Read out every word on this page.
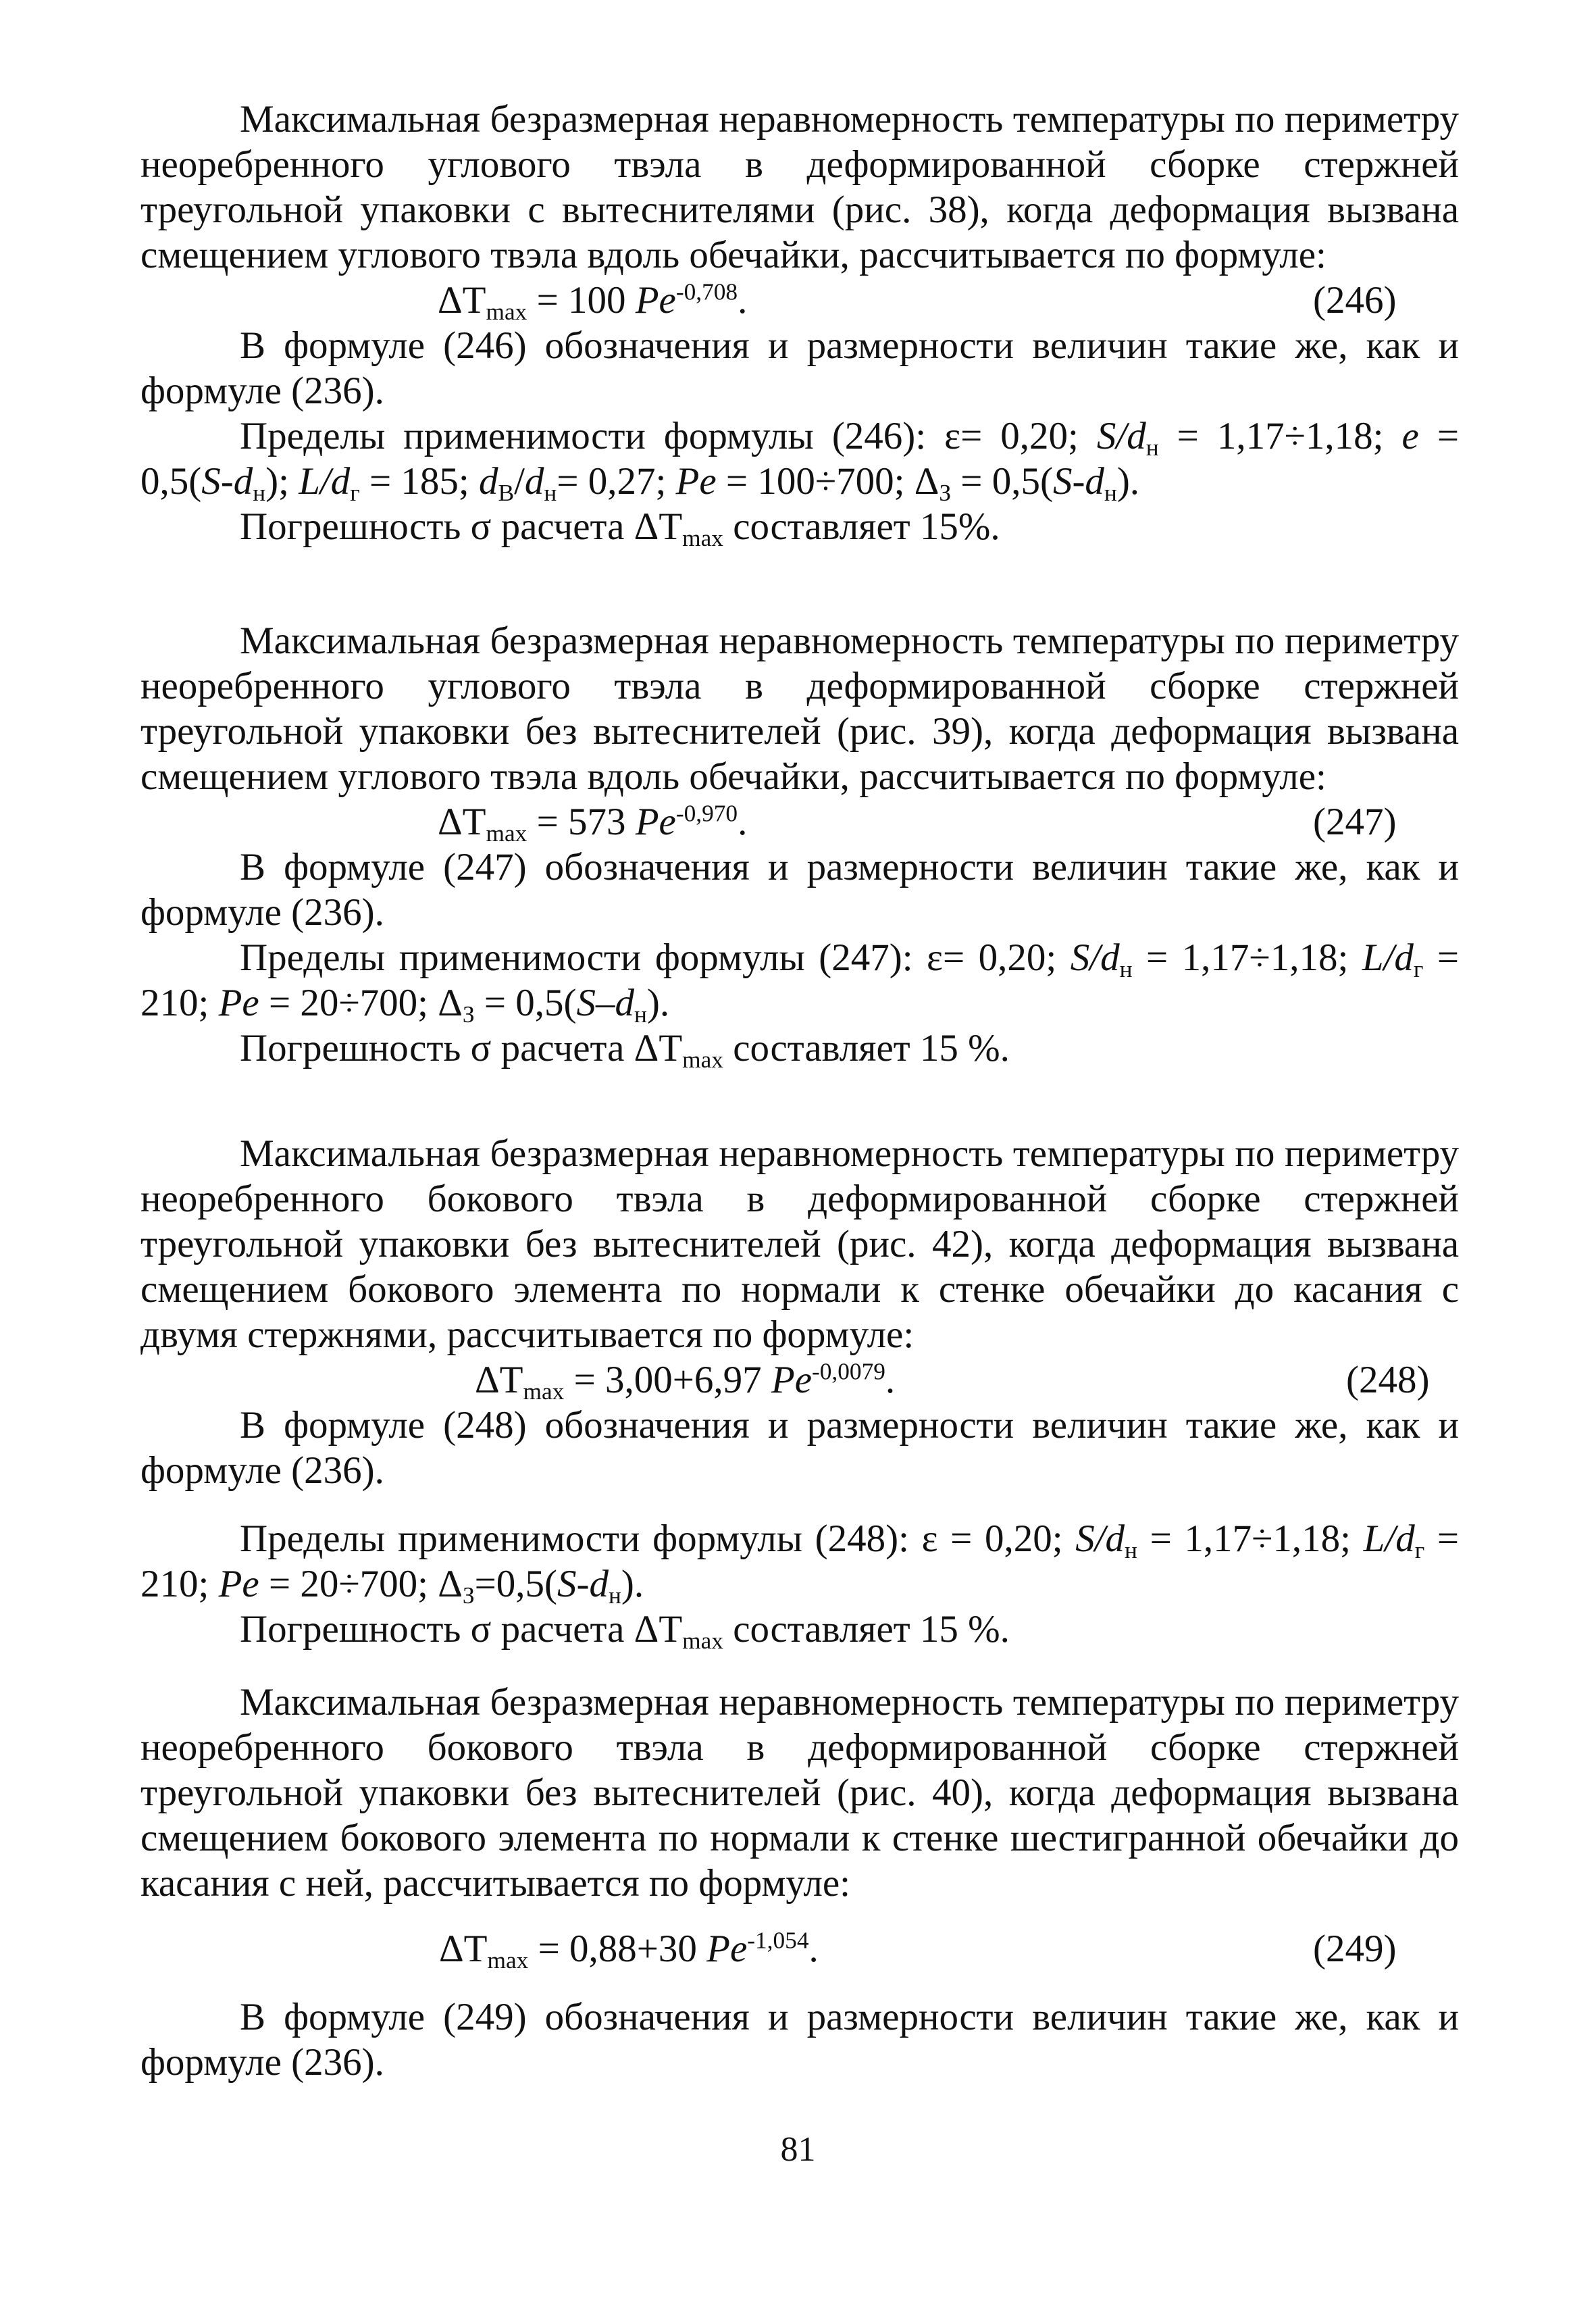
Максимальная безразмерная неравномерность температуры по периметру неоребренного углового твэла в деформированной сборке стержней треугольной упаковки с вытеснителями (рис. 38), когда деформация вызвана смещением углового твэла вдоль обечайки, рассчитывается по формуле:

$\Delta T_{max} = 100$ $Pe^{-0,708}$.	(246)

В формуле (246) обозначения и размерности величин такие же, как и формуле (236).

Пределы применимости формулы (246): ε= 0,20; $S/d_н = 1,17\div 1,18$; $e = 0,5(S-d_н)$; $L/d_г = 185$; $d_В/d_н= 0,27$; Pe = 100÷700; $\Delta_З = 0,5(S-d_н)$.

Погрешность σ расчета $\Delta T_{max}$ составляет 15%.

Максимальная безразмерная неравномерность температуры по периметру неоребренного углового твэла в деформированной сборке стержней треугольной упаковки без вытеснителей (рис. 39), когда деформация вызвана смещением углового твэла вдоль обечайки, рассчитывается по формуле:

$\Delta T_{max} = 573$ $Pe^{-0,970}$.	(247)

В формуле (247) обозначения и размерности величин такие же, как и формуле (236).

Пределы применимости формулы (247): ε= 0,20; $S/d_н = 1,17\div 1,18$; $L/d_г = 210$; Pe = 20÷700; $\Delta_З = 0,5(S-d_н)$.

Погрешность σ расчета $\Delta T_{max}$ составляет 15 %.

Максимальная безразмерная неравномерность температуры по периметру неоребренного бокового твэла в деформированной сборке стержней треугольной упаковки без вытеснителей (рис. 42), когда деформация вызвана смещением бокового элемента по нормали к стенке обечайки до касания с двумя стержнями, рассчитывается по формуле:

$\Delta T_{max} = 3,00+6,97$ $Pe^{-0,0079}$.	(248)

В формуле (248) обозначения и размерности величин такие же, как и формуле (236).

Пределы применимости формулы (248): ε = 0,20; $S/d_н = 1,17\div 1,18$; $L/d_г = 210$; Pe = 20÷700; $\Delta_З=0,5(S-d_н)$.

Погрешность σ расчета $\Delta T_{max}$ составляет 15 %.

Максимальная безразмерная неравномерность температуры по периметру неоребренного бокового твэла в деформированной сборке стержней треугольной упаковки без вытеснителей (рис. 40), когда деформация вызвана смещением бокового элемента по нормали к стенке шестигранной обечайки до касания с ней, рассчитывается по формуле:

$\Delta T_{max} = 0,88+30$ $Pe^{-1,054}$.	(249)

В формуле (249) обозначения и размерности величин такие же, как и формуле (236).

81
